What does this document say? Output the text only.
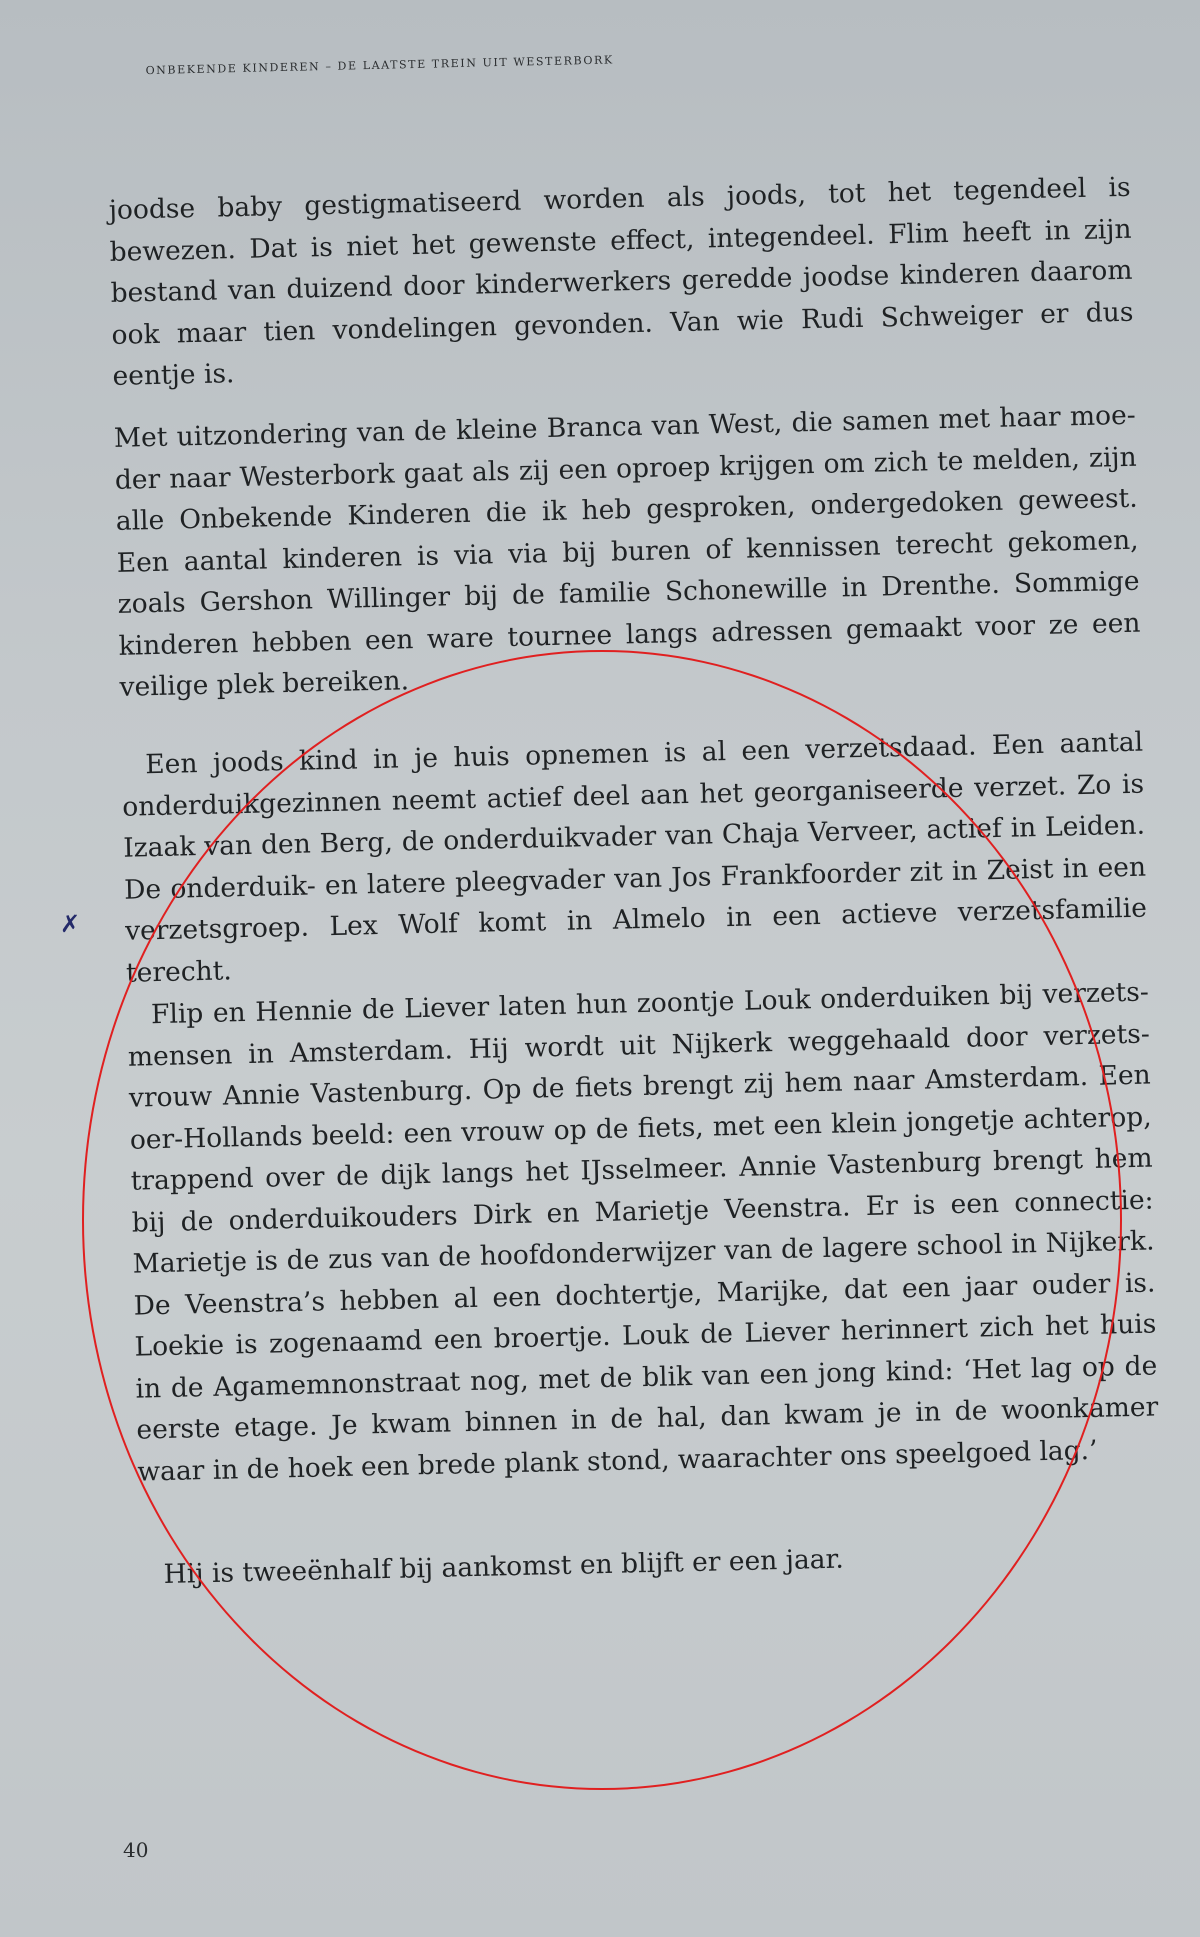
onbekende kinderen – de laatste trein uit westerbork

joodse baby gestigmatiseerd worden als joods, tot het tegendeel is bewezen. Dat is niet het gewenste effect, integendeel. Flim heeft in zijn bestand van duizend door kinderwerkers geredde joodse kinderen daarom ook maar tien vondelingen gevonden. Van wie Rudi Schweiger er dus eentje is.

Met uitzondering van de kleine Branca van West, die samen met haar moeder naar Westerbork gaat als zij een oproep krijgen om zich te melden, zijn alle Onbekende Kinderen die ik heb gesproken, ondergedoken geweest. Een aantal kinderen is via via bij buren of kennissen terecht gekomen, zoals Gershon Willinger bij de familie Schonewille in Drenthe. Sommige kinderen hebben een ware tournee langs adressen gemaakt voor ze een veilige plek bereiken.

Een joods kind in je huis opnemen is al een verzetsdaad. Een aantal onderduikgezinnen neemt actief deel aan het georganiseerde verzet. Zo is Izaak van den Berg, de onderduikvader van Chaja Verveer, actief in Leiden. De onderduik- en latere pleegvader van Jos Frankfoorder zit in Zeist in een verzetsgroep. Lex Wolf komt in Almelo in een actieve verzetsfamilie terecht.

Flip en Hennie de Liever laten hun zoontje Louk onderduiken bij verzetsmensen in Amsterdam. Hij wordt uit Nijkerk weggehaald door verzetsvrouw Annie Vastenburg. Op de fiets brengt zij hem naar Amsterdam. Een oer-Hollands beeld: een vrouw op de fiets, met een klein jongetje achterop, trappend over de dijk langs het IJsselmeer. Annie Vastenburg brengt hem bij de onderduikouders Dirk en Marietje Veenstra. Er is een connectie: Marietje is de zus van de hoofdonderwijzer van de lagere school in Nijkerk. De Veenstra’s hebben al een dochtertje, Marijke, dat een jaar ouder is. Loekie is zogenaamd een broertje. Louk de Liever herinnert zich het huis in de Agamemnonstraat nog, met de blik van een jong kind: ‘Het lag op de eerste etage. Je kwam binnen in de hal, dan kwam je in de woonkamer waar in de hoek een brede plank stond, waarachter ons speelgoed lag.’

Hij is tweeënhalf bij aankomst en blijft er een jaar.

✗
40
